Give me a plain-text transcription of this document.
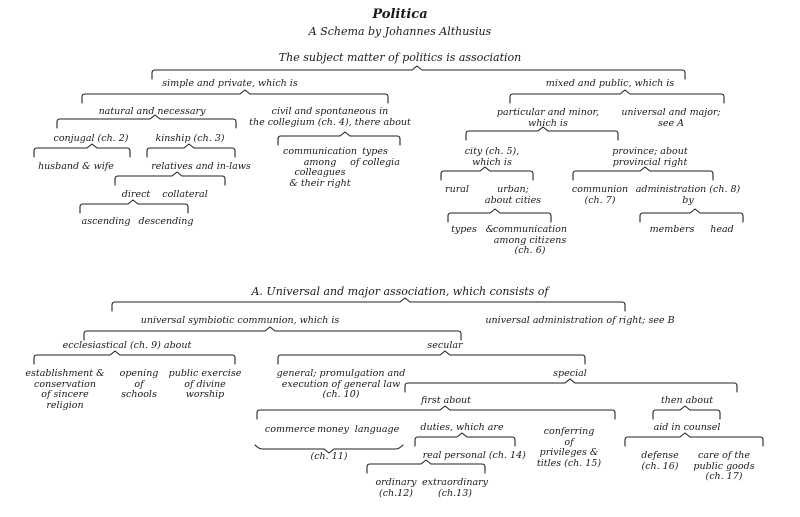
Politica
A Schema by Johannes Althusius
The subject matter of politics is association
simple and private, which is	mixed and public, which is
natural and necessary	civil and spontaneous in
the collegium (ch. 4), there about
conjugal (ch. 2)	kinship (ch. 3)
communication
among
colleagues
& their right
types
of collegia
husband & wife	relatives and in-laws
direct collateral
ascending descending
particular and minor,
which is
universal and major;
see A
city (ch. 5),
which is
province; about
provincial right
rural	urban;
about cities
communion
(ch. 7)
administration (ch. 8)
by
types &
communication
among citizens
(ch. 6)
members head
A. Universal and major association, which consists of
universal symbiotic communion, which is	universal administration of right; see B
ecclesiastical (ch. 9) about	secular
establishment &
conservation
of sincere
religion
opening
of
schools
public exercise
of divine
worship
general; promulgation and
execution of general law
(ch. 10)
special
first about	then about
commerce money language
(ch. 11)
duties, which are	conferring
of
privileges &
titles (ch. 15)
aid in counsel
real personal (ch. 14)	defense
(ch. 16)
care of the
public goods
(ch. 17)
ordinary
(ch.12)
extraordinary
(ch.13)
